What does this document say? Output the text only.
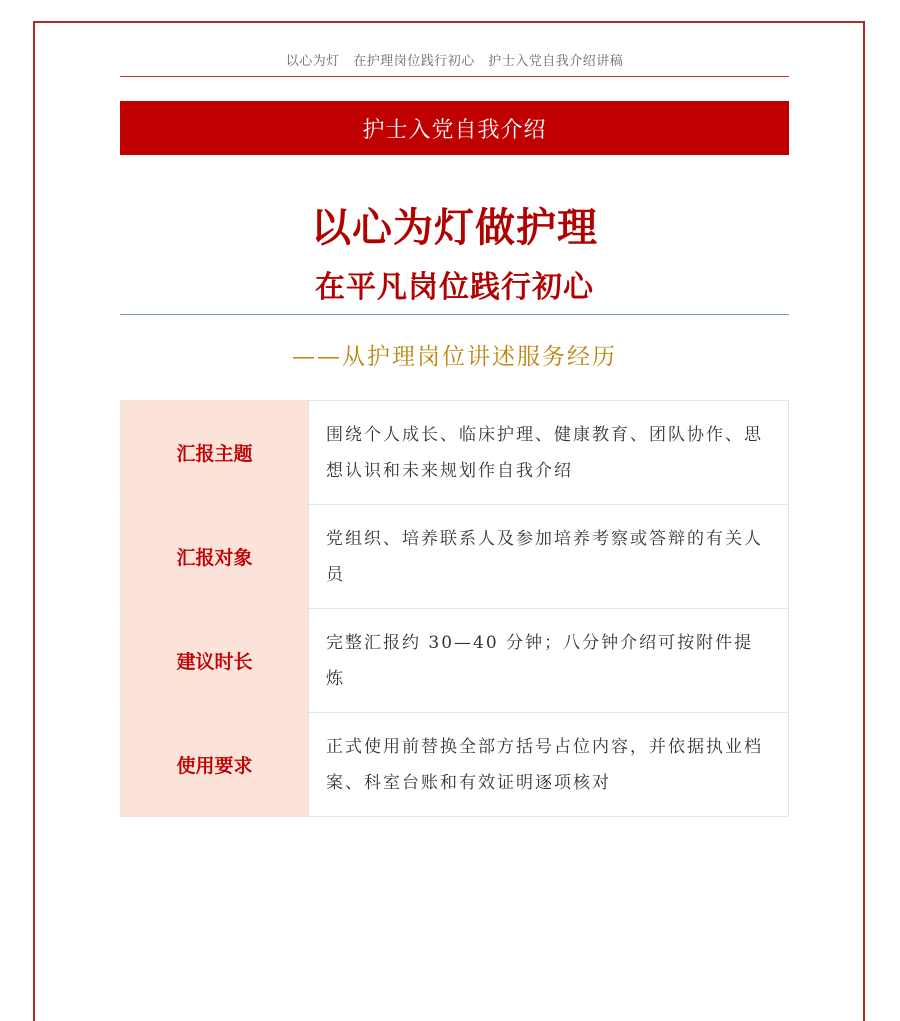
以心为灯　在护理岗位践行初心　护士入党自我介绍讲稿
护士入党自我介绍
以心为灯做护理
在平凡岗位践行初心
——从护理岗位讲述服务经历
汇报主题	围绕个人成长、临床护理、健康教育、团队协作、思想认识和未来规划作自我介绍
汇报对象	党组织、培养联系人及参加培养考察或答辩的有关人员
建议时长	完整汇报约 30—40 分钟；八分钟介绍可按附件提炼
使用要求	正式使用前替换全部方括号占位内容，并依据执业档案、科室台账和有效证明逐项核对
